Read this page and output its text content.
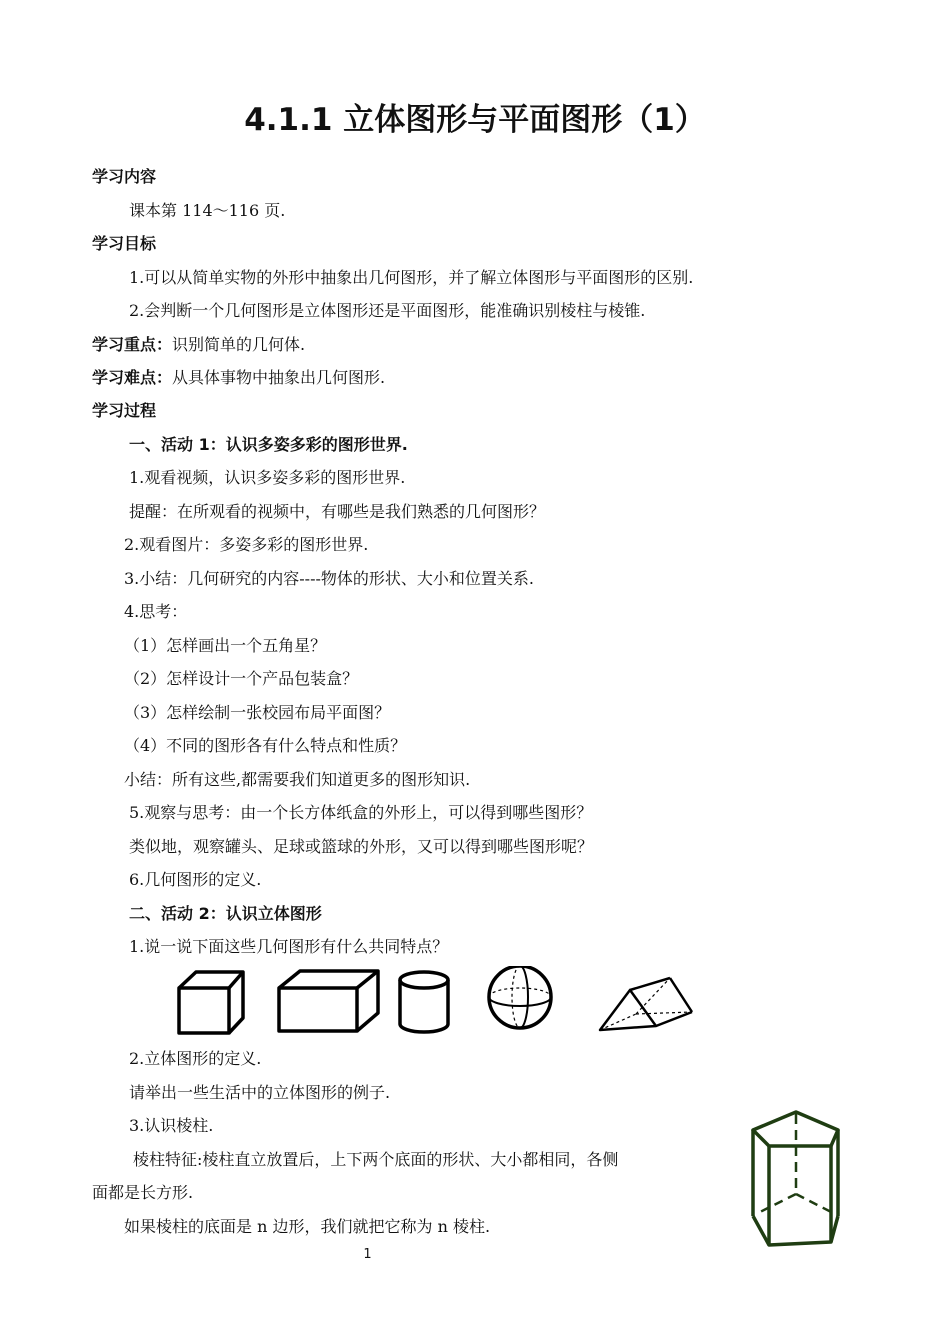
4.1.1 立体图形与平面图形（1）
学习内容
课本第 114～116 页.
学习目标
1.可以从简单实物的外形中抽象出几何图形，并了解立体图形与平面图形的区别.
2.会判断一个几何图形是立体图形还是平面图形，能准确识别棱柱与棱锥.
学习重点：识别简单的几何体.
学习难点：从具体事物中抽象出几何图形.
学习过程
一、活动 1：认识多姿多彩的图形世界.
1.观看视频，认识多姿多彩的图形世界.
提醒：在所观看的视频中，有哪些是我们熟悉的几何图形？
2.观看图片：多姿多彩的图形世界.
3.小结：几何研究的内容----物体的形状、大小和位置关系.
4.思考：
（1）怎样画出一个五角星？
（2）怎样设计一个产品包装盒？
（3）怎样绘制一张校园布局平面图？
（4）不同的图形各有什么特点和性质？
小结：所有这些,都需要我们知道更多的图形知识.
5.观察与思考：由一个长方体纸盒的外形上，可以得到哪些图形？
类似地，观察罐头、足球或篮球的外形，又可以得到哪些图形呢？
6.几何图形的定义.
二、活动 2：认识立体图形
1.说一说下面这些几何图形有什么共同特点？
2.立体图形的定义.
请举出一些生活中的立体图形的例子.
3.认识棱柱.
棱柱特征:棱柱直立放置后，上下两个底面的形状、大小都相同，各侧
面都是长方形.
如果棱柱的底面是 n 边形，我们就把它称为 n 棱柱.
1
